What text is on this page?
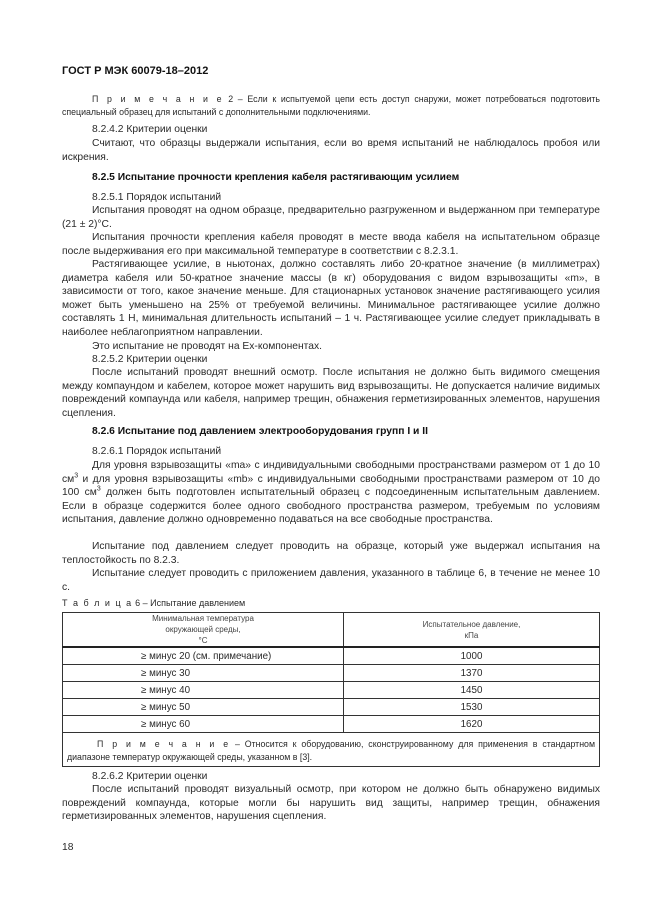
ГОСТ Р МЭК 60079-18–2012
П р и м е ч а н и е 2 – Если к испытуемой цепи есть доступ снаружи, может потребоваться подготовить специальный образец для испытаний с дополнительными подключениями.
8.2.4.2 Критерии оценки
Считают, что образцы выдержали испытания, если во время испытаний не наблюдалось пробоя или искрения.
8.2.5 Испытание прочности крепления кабеля растягивающим усилием
8.2.5.1 Порядок испытаний
Испытания проводят на одном образце, предварительно разгруженном и выдержанном при температуре (21 ± 2)°С.
Испытания прочности крепления кабеля проводят в месте ввода кабеля на испытательном образце после выдерживания его при максимальной температуре в соответствии с 8.2.3.1.
Растягивающее усилие, в ньютонах, должно составлять либо 20-кратное значение (в миллиметрах) диаметра кабеля или 50-кратное значение массы (в кг) оборудования с видом взрывозащиты «m», в зависимости от того, какое значение меньше. Для стационарных установок значение растягивающего усилия может быть уменьшено на 25% от требуемой величины. Минимальное растягивающее усилие должно составлять 1 Н, минимальная длительность испытаний – 1 ч. Растягивающее усилие следует прикладывать в наиболее неблагоприятном направлении.
Это испытание не проводят на Ex-компонентах.
8.2.5.2 Критерии оценки
После испытаний проводят внешний осмотр. После испытания не должно быть видимого смещения между компаундом и кабелем, которое может нарушить вид взрывозащиты. Не допускается наличие видимых повреждений компаунда или кабеля, например трещин, обнажения герметизированных элементов, нарушения сцепления.
8.2.6 Испытание под давлением электрооборудования групп I и II
8.2.6.1 Порядок испытаний
Для уровня взрывозащиты «ma» с индивидуальными свободными пространствами размером от 1 до 10 $см^3$ и для уровня взрывозащиты «mb» с индивидуальными свободными пространствами размером от 10 до 100 $см^3$ должен быть подготовлен испытательный образец с подсоединенным испытательным давлением. Если в образце содержится более одного свободного пространства размером, требуемым по условиям испытания, давление должно одновременно подаваться на все свободные пространства.
Испытание под давлением следует проводить на образце, который уже выдержал испытания на теплостойкость по 8.2.3.
Испытание следует проводить с приложением давления, указанного в таблице 6, в течение не менее 10 с.
Т а б л и ц а 6 – Испытание давлением
Минимальная температура
окружающей среды,
°С	Испытательное давление,
кПа
≥ минус 20 (см. примечание)	1000
≥ минус 30	1370
≥ минус 40	1450
≥ минус 50	1530
≥ минус 60	1620

П р и м е ч а н и е – Относится к оборудованию, сконструированному для применения в стандартном диапазоне температур окружающей среды, указанном в [3].	
8.2.6.2 Критерии оценки
После испытаний проводят визуальный осмотр, при котором не должно быть обнаружено видимых повреждений компаунда, которые могли бы нарушить вид защиты, например трещин, обнажения герметизированных элементов, нарушения сцепления.
18
